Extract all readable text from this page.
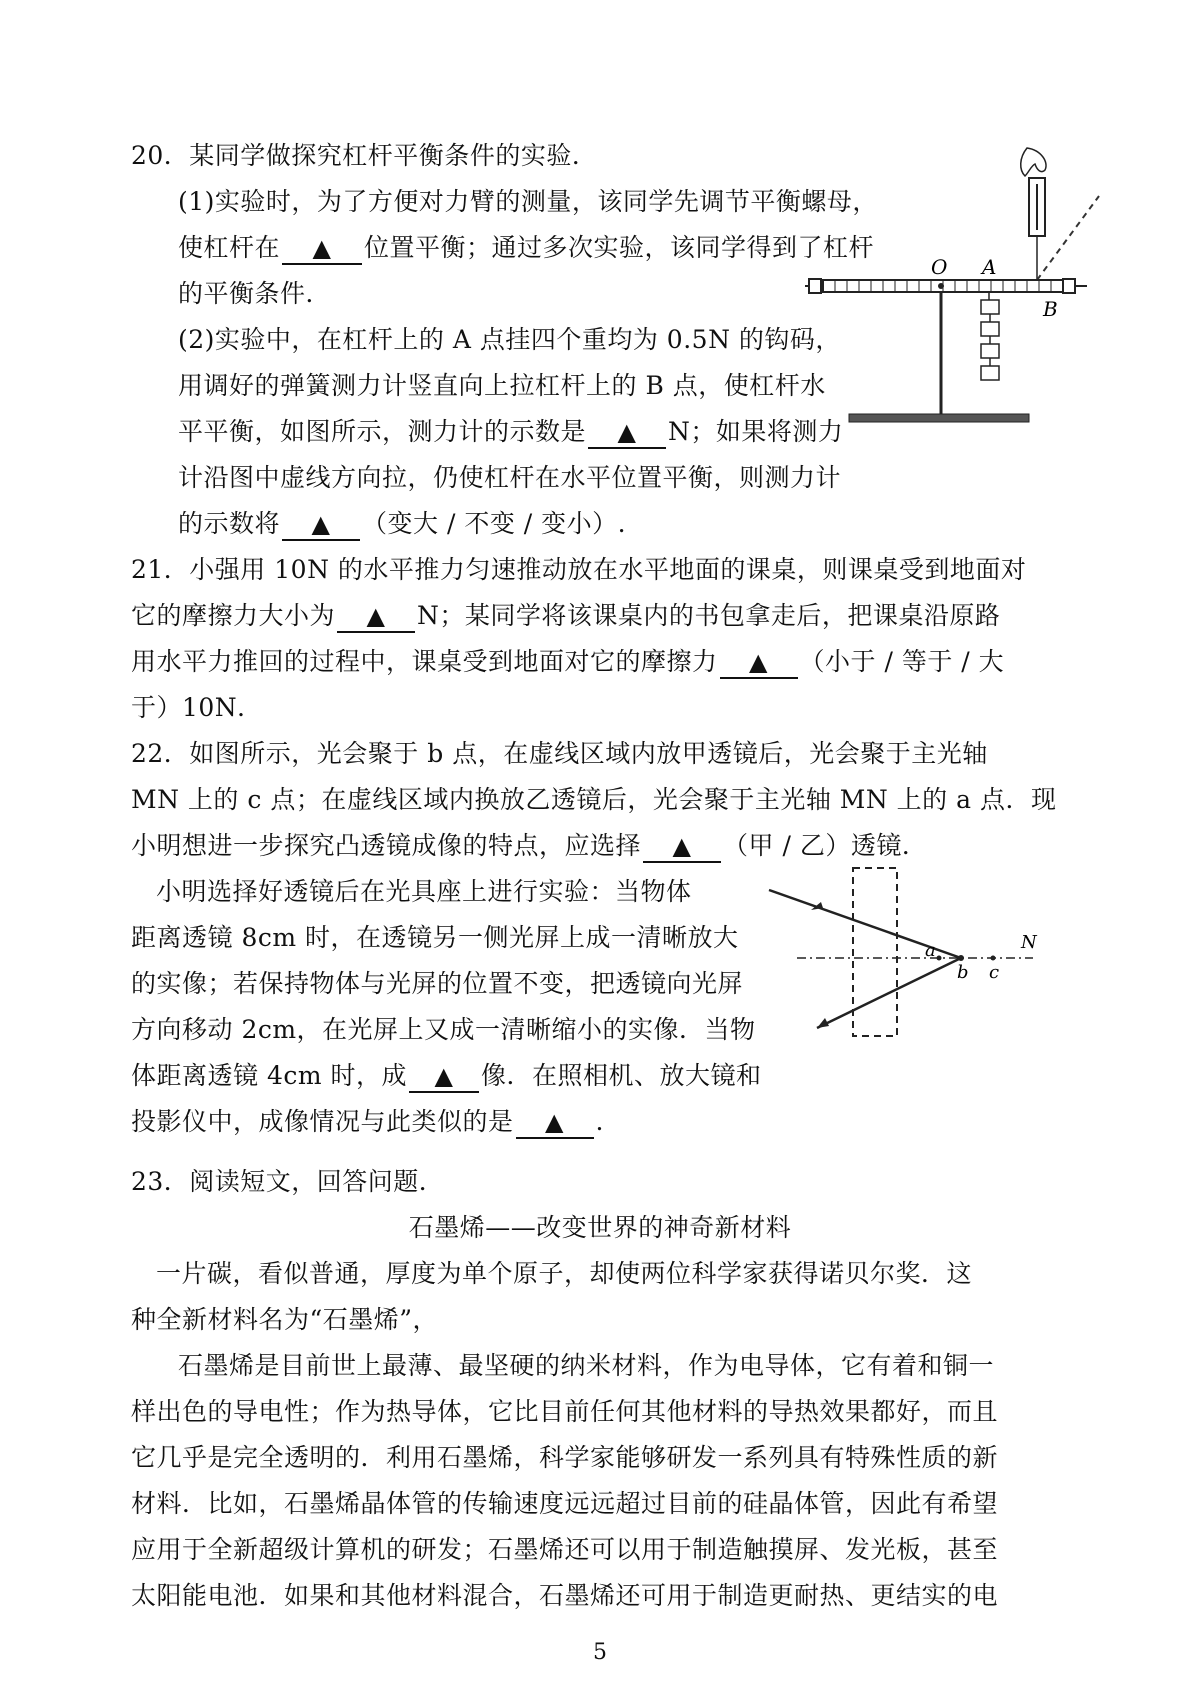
20．某同学做探究杠杆平衡条件的实验．
(1)实验时，为了方便对力臂的测量，该同学先调节平衡螺母，
使杠杆在 ▲ 位置平衡；通过多次实验，该同学得到了杠杆
的平衡条件．
(2)实验中，在杠杆上的 A 点挂四个重均为 0.5N 的钩码，
用调好的弹簧测力计竖直向上拉杠杆上的 B 点，使杠杆水
平平衡，如图所示，测力计的示数是 ▲ N；如果将测力
计沿图中虚线方向拉，仍使杠杆在水平位置平衡，则测力计
的示数将 ▲ （变大 / 不变 / 变小）.
O A
B
21．小强用 10N 的水平推力匀速推动放在水平地面的课桌，则课桌受到地面对
它的摩擦力大小为 ▲ N；某同学将该课桌内的书包拿走后，把课桌沿原路
用水平力推回的过程中，课桌受到地面对它的摩擦力 ▲ （小于 / 等于 / 大
于）10N．
22．如图所示，光会聚于 b 点，在虚线区域内放甲透镜后，光会聚于主光轴
MN 上的 c 点；在虚线区域内换放乙透镜后，光会聚于主光轴 MN 上的 a 点．现
小明想进一步探究凸透镜成像的特点，应选择 ▲ （甲 / 乙）透镜．
小明选择好透镜后在光具座上进行实验：当物体
距离透镜 8cm 时，在透镜另一侧光屏上成一清晰放大
的实像；若保持物体与光屏的位置不变，把透镜向光屏
方向移动 2cm，在光屏上又成一清晰缩小的实像．当物
体距离透镜 4cm 时，成 ▲ 像．在照相机、放大镜和
投影仪中，成像情况与此类似的是 ▲ .
a
b c
N
23．阅读短文，回答问题．
石墨烯——改变世界的神奇新材料
一片碳，看似普通，厚度为单个原子，却使两位科学家获得诺贝尔奖．这
种全新材料名为“石墨烯”，
石墨烯是目前世上最薄、最坚硬的纳米材料，作为电导体，它有着和铜一
样出色的导电性；作为热导体，它比目前任何其他材料的导热效果都好，而且
它几乎是完全透明的．利用石墨烯，科学家能够研发一系列具有特殊性质的新
材料．比如，石墨烯晶体管的传输速度远远超过目前的硅晶体管，因此有希望
应用于全新超级计算机的研发；石墨烯还可以用于制造触摸屏、发光板，甚至
太阳能电池．如果和其他材料混合，石墨烯还可用于制造更耐热、更结实的电
5
